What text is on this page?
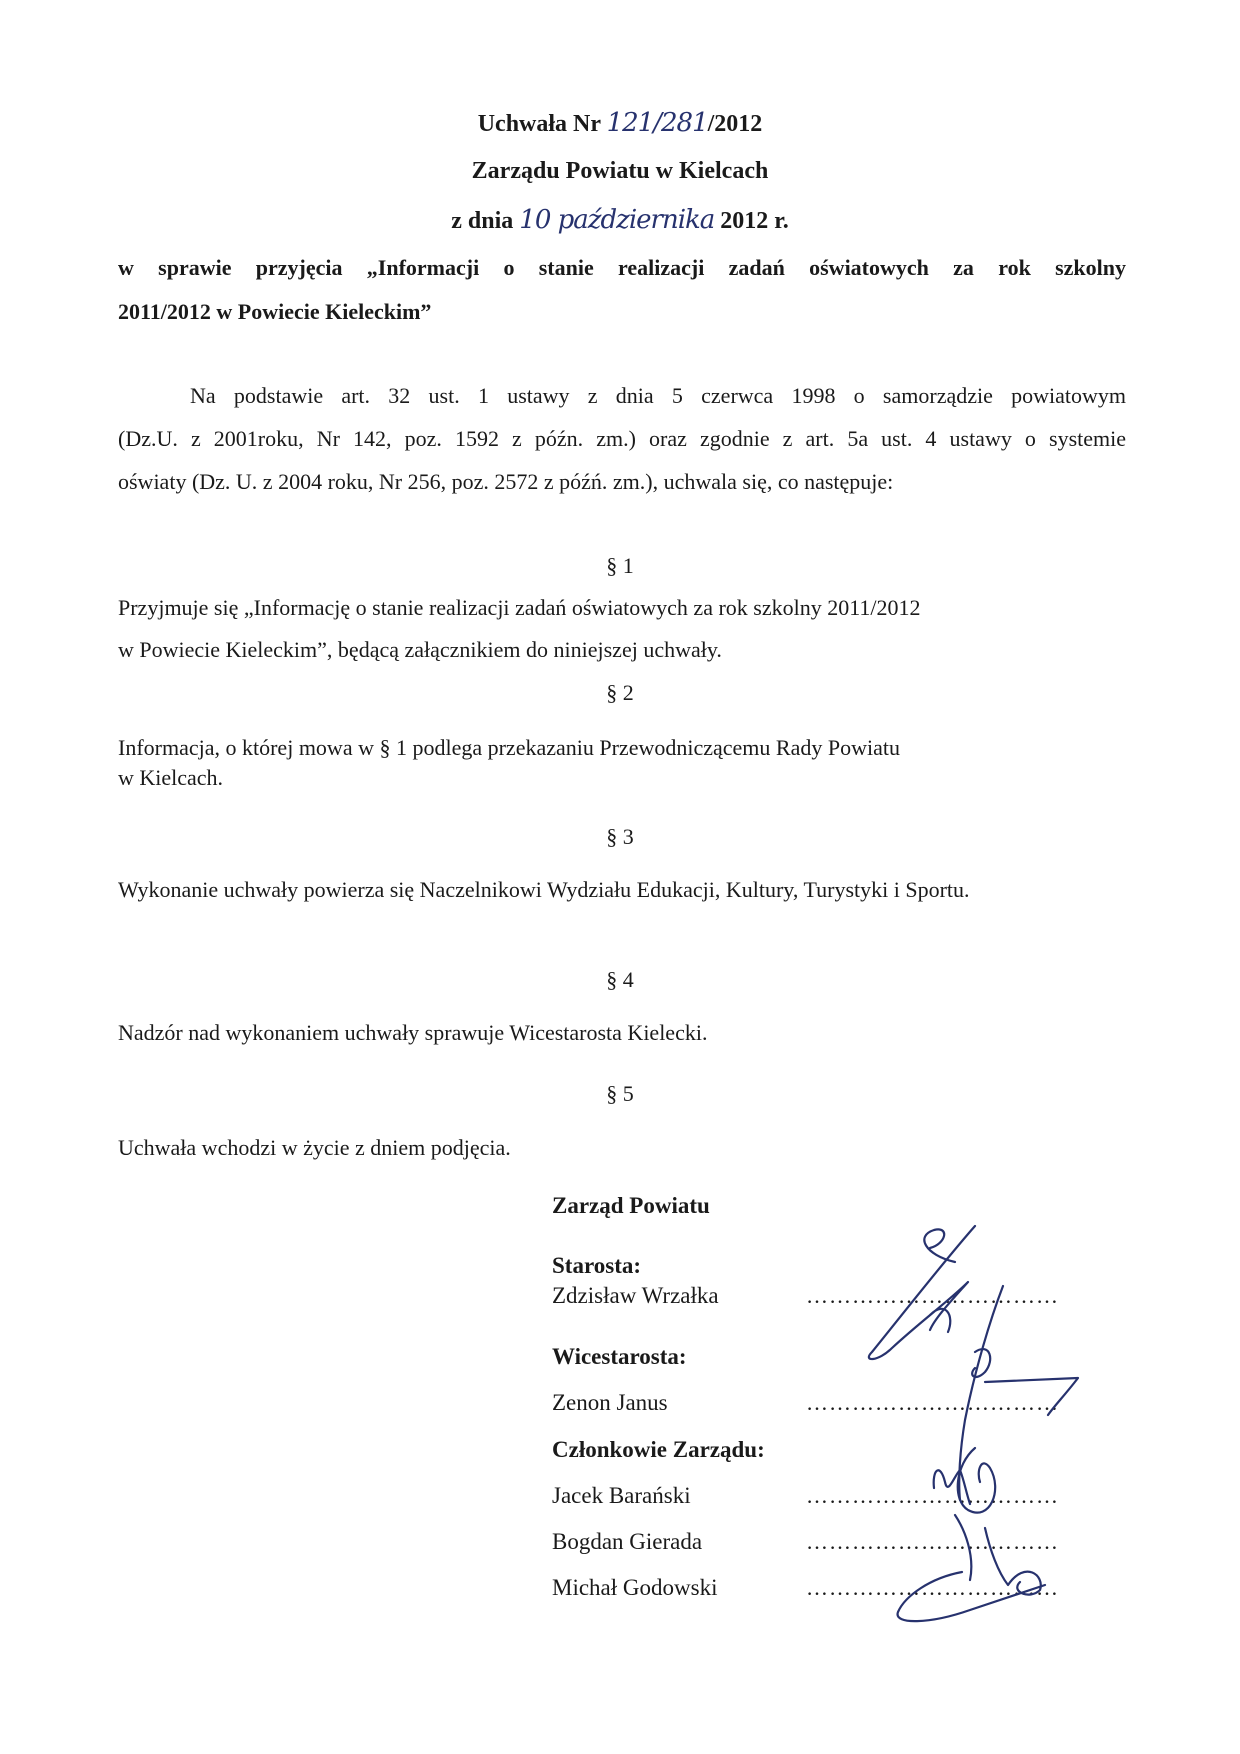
Uchwała Nr 121/281/2012
Zarządu Powiatu w Kielcach
z dnia 10 października 2012 r.
w sprawie przyjęcia „Informacji o stanie realizacji zadań oświatowych za rok szkolny
2011/2012 w Powiecie Kieleckim”
Na podstawie art. 32 ust. 1 ustawy z dnia 5 czerwca 1998 o samorządzie powiatowym
(Dz.U. z 2001roku, Nr 142, poz. 1592 z późn. zm.) oraz zgodnie z art. 5a ust. 4 ustawy o systemie
oświaty (Dz. U. z 2004 roku, Nr 256, poz. 2572 z późń. zm.), uchwala się, co następuje:
§ 1
Przyjmuje się „Informację o stanie realizacji zadań oświatowych za rok szkolny 2011/2012
w Powiecie Kieleckim”, będącą załącznikiem do niniejszej uchwały.
§ 2
Informacja, o której mowa w § 1 podlega przekazaniu Przewodniczącemu Rady Powiatu
w Kielcach.
§ 3
Wykonanie uchwały powierza się Naczelnikowi Wydziału Edukacji, Kultury, Turystyki i Sportu.
§ 4
Nadzór nad wykonaniem uchwały sprawuje Wicestarosta Kielecki.
§ 5
Uchwała wchodzi w życie z dniem podjęcia.
Zarząd Powiatu
Starosta:
Zdzisław Wrzałka	……………………………
Wicestarosta:
Zenon Janus	……………………………
Członkowie Zarządu:
Jacek Barański	……………………………
Bogdan Gierada	……………………………
Michał Godowski	……………………………
